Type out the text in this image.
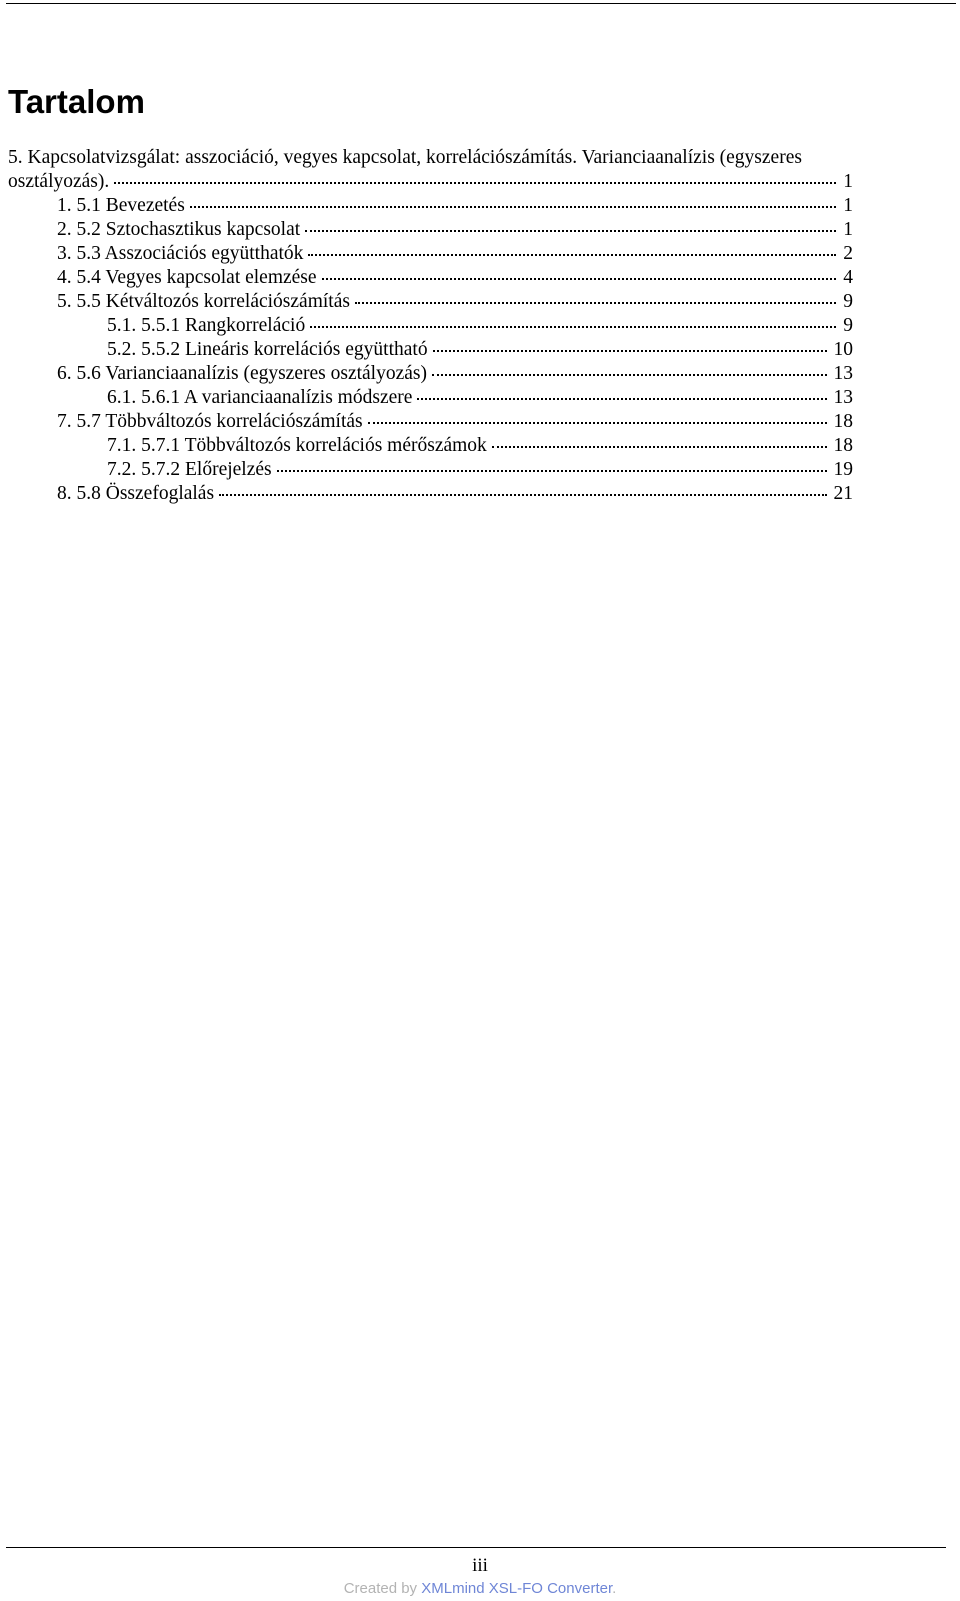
Tartalom
5. Kapcsolatvizsgálat: asszociáció, vegyes kapcsolat, korrelációszámítás. Varianciaanalízis (egyszeres
osztályozás).	1
1. 5.1 Bevezetés	1
2. 5.2 Sztochasztikus kapcsolat	1
3. 5.3 Asszociációs együtthatók	2
4. 5.4 Vegyes kapcsolat elemzése	4
5. 5.5 Kétváltozós korrelációszámítás	9
5.1. 5.5.1 Rangkorreláció	9
5.2. 5.5.2 Lineáris korrelációs együttható	10
6. 5.6 Varianciaanalízis (egyszeres osztályozás)	13
6.1. 5.6.1 A varianciaanalízis módszere	13
7. 5.7 Többváltozós korrelációszámítás	18
7.1. 5.7.1 Többváltozós korrelációs mérőszámok	18
7.2. 5.7.2 Előrejelzés	19
8. 5.8 Összefoglalás	21
iii
Created by XMLmind XSL-FO Converter.
